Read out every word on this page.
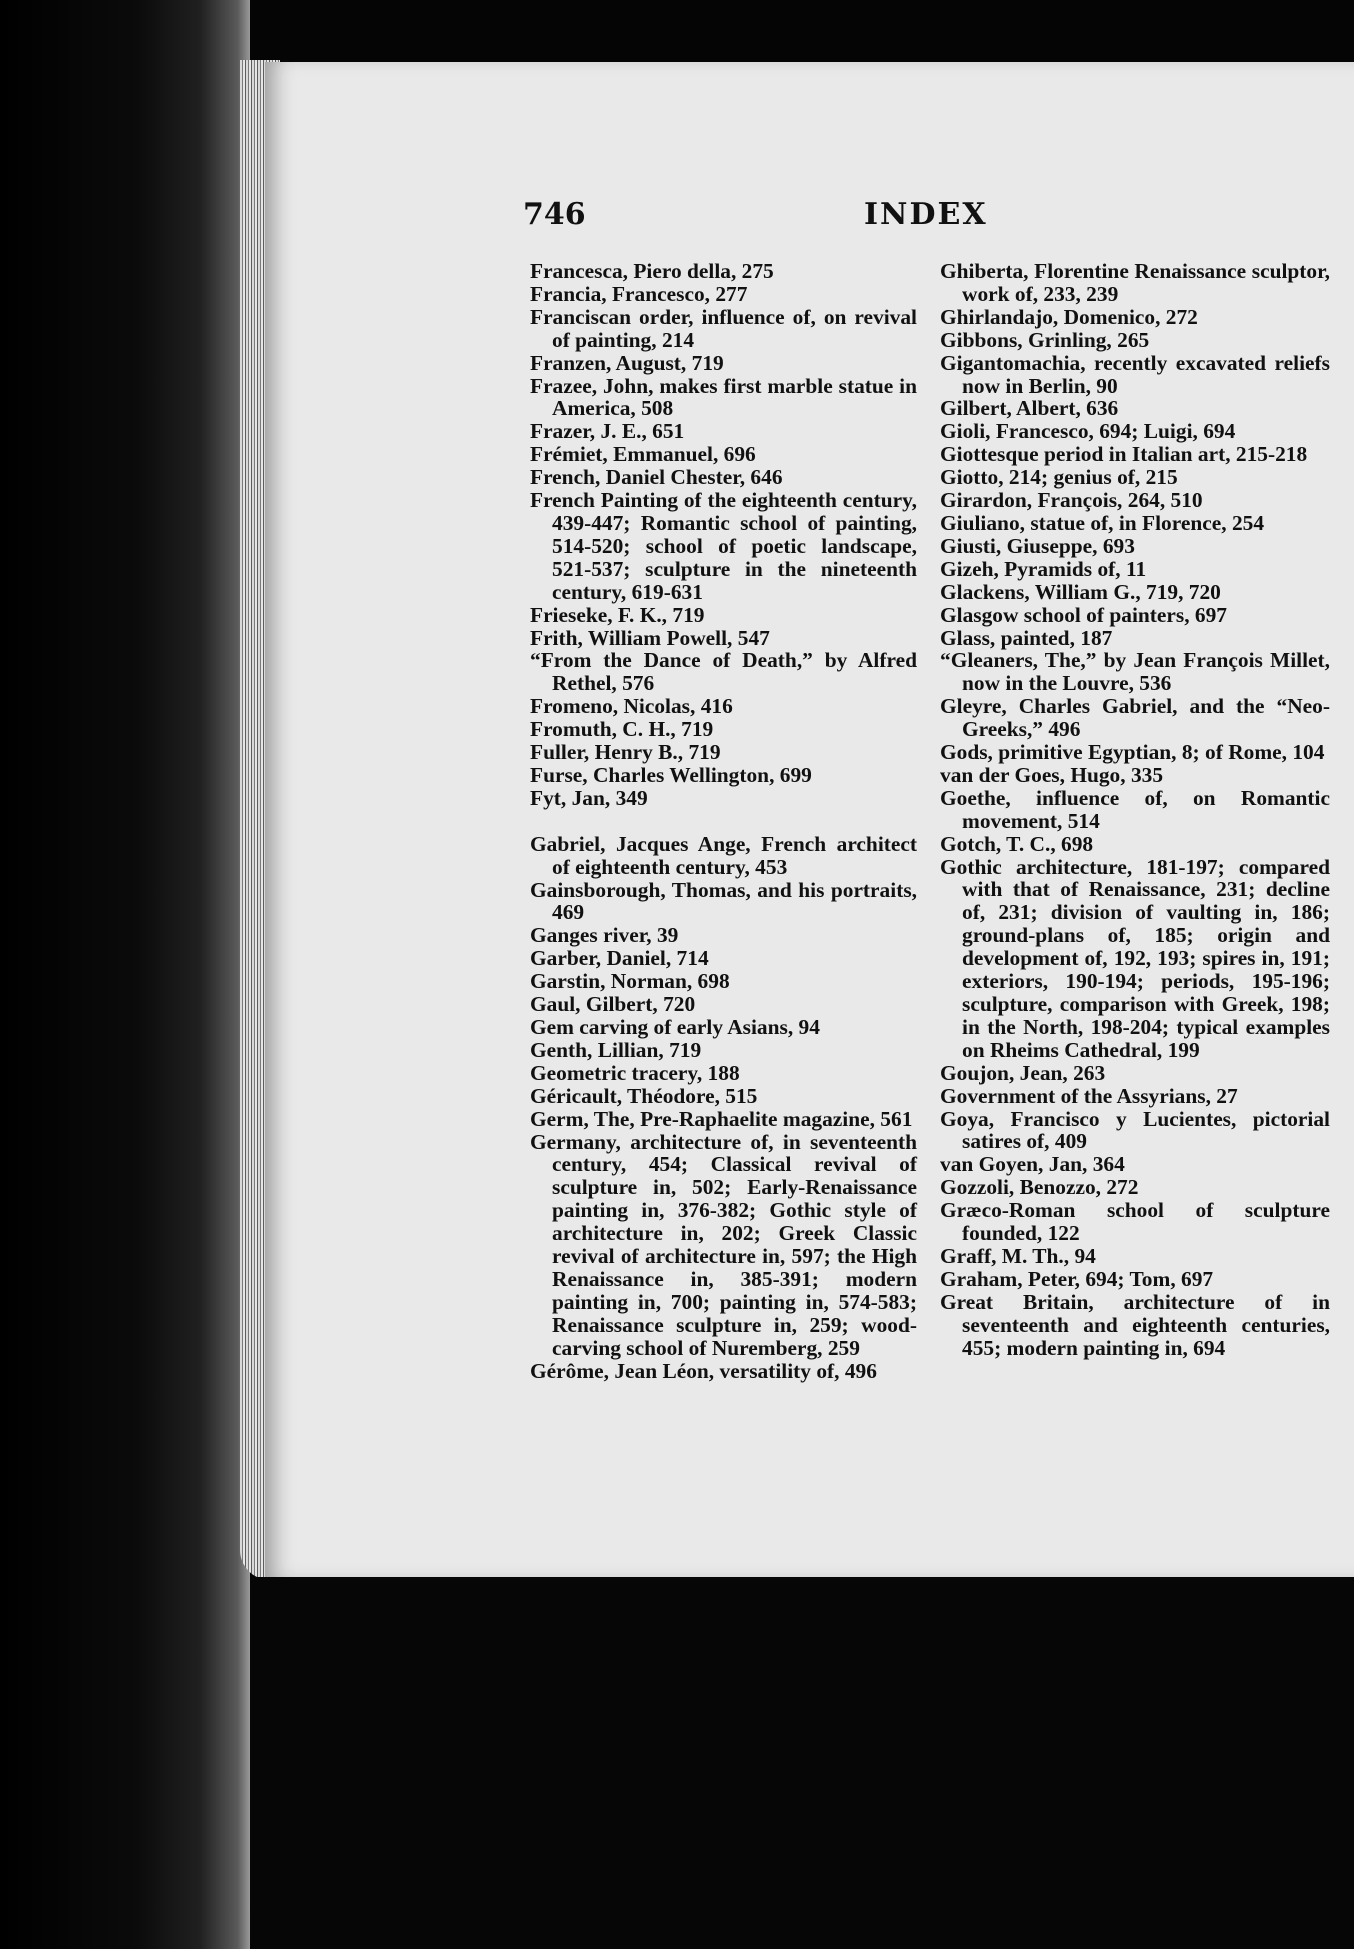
746	INDEX

Francesca, Piero della, 275

Francia, Francesco, 277

Franciscan order, influence of, on revival of painting, 214

Franzen, August, 719

Frazee, John, makes first marble statue in America, 508

Frazer, J. E., 651

Frémiet, Emmanuel, 696

French, Daniel Chester, 646

French Painting of the eighteenth century, 439-447; Romantic school of painting, 514-520; school of poetic landscape, 521-537; sculpture in the nineteenth century, 619-631

Frieseke, F. K., 719

Frith, William Powell, 547

“From the Dance of Death,” by Alfred Rethel, 576

Fromeno, Nicolas, 416

Fromuth, C. H., 719

Fuller, Henry B., 719

Furse, Charles Wellington, 699

Fyt, Jan, 349

Gabriel, Jacques Ange, French architect of eighteenth century, 453

Gainsborough, Thomas, and his portraits, 469

Ganges river, 39

Garber, Daniel, 714

Garstin, Norman, 698

Gaul, Gilbert, 720

Gem carving of early Asians, 94

Genth, Lillian, 719

Geometric tracery, 188

Géricault, Théodore, 515

Germ, The, Pre-Raphaelite magazine, 561

Germany, architecture of, in seventeenth century, 454; Classical revival of sculpture in, 502; Early-Renaissance painting in, 376-382; Gothic style of architecture in, 202; Greek Classic revival of architecture in, 597; the High Renaissance in, 385-391; modern painting in, 700; painting in, 574-583; Renaissance sculpture in, 259; wood-carving school of Nuremberg, 259

Gérôme, Jean Léon, versatility of, 496

Ghiberta, Florentine Renaissance sculptor, work of, 233, 239

Ghirlandajo, Domenico, 272

Gibbons, Grinling, 265

Gigantomachia, recently excavated reliefs now in Berlin, 90

Gilbert, Albert, 636

Gioli, Francesco, 694; Luigi, 694

Giottesque period in Italian art, 215-218

Giotto, 214; genius of, 215

Girardon, François, 264, 510

Giuliano, statue of, in Florence, 254

Giusti, Giuseppe, 693

Gizeh, Pyramids of, 11

Glackens, William G., 719, 720

Glasgow school of painters, 697

Glass, painted, 187

“Gleaners, The,” by Jean François Millet, now in the Louvre, 536

Gleyre, Charles Gabriel, and the “Neo-Greeks,” 496

Gods, primitive Egyptian, 8; of Rome, 104

van der Goes, Hugo, 335

Goethe, influence of, on Romantic movement, 514

Gotch, T. C., 698

Gothic architecture, 181-197; compared with that of Renaissance, 231; decline of, 231; division of vaulting in, 186; ground-plans of, 185; origin and development of, 192, 193; spires in, 191; exteriors, 190-194; periods, 195-196; sculpture, comparison with Greek, 198; in the North, 198-204; typical examples on Rheims Cathedral, 199

Goujon, Jean, 263

Government of the Assyrians, 27

Goya, Francisco y Lucientes, pictorial satires of, 409

van Goyen, Jan, 364

Gozzoli, Benozzo, 272

Græco-Roman school of sculpture founded, 122

Graff, M. Th., 94

Graham, Peter, 694; Tom, 697

Great Britain, architecture of in seventeenth and eighteenth centuries, 455; modern painting in, 694
